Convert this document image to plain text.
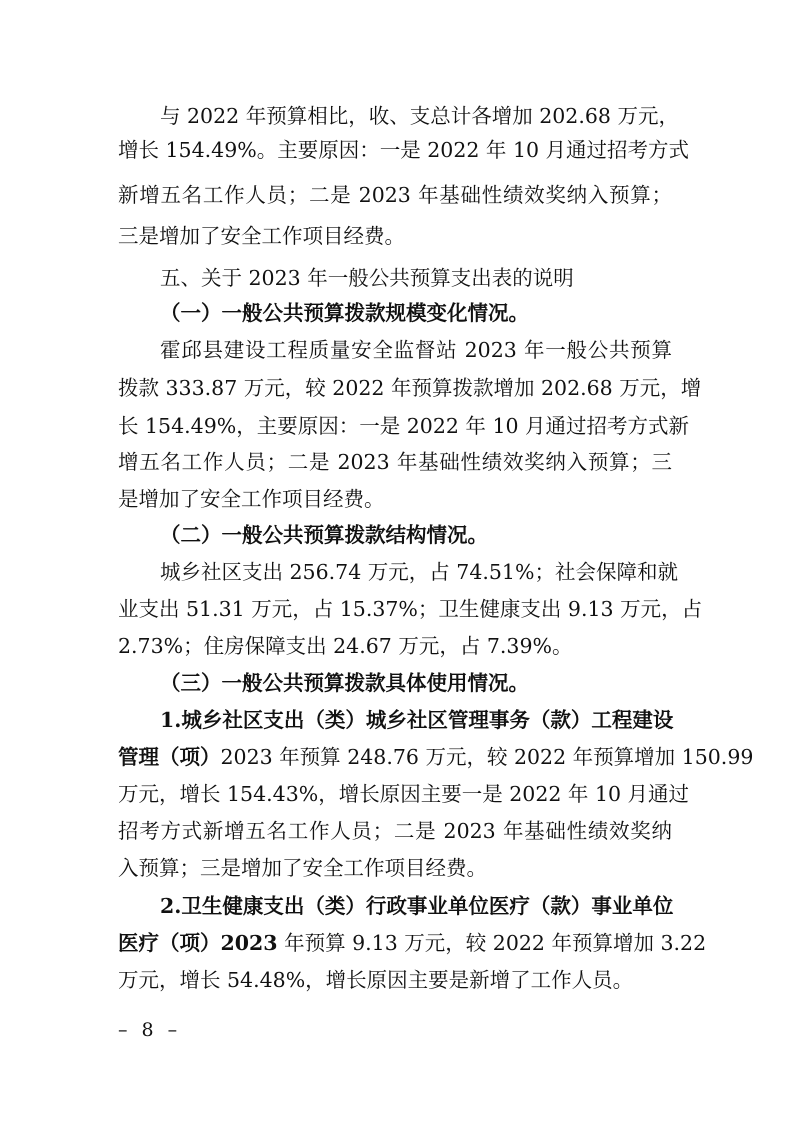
与 2022 年预算相比，收、支总计各增加 202.68 万元，
增长 154.49%。主要原因：一是 2022 年 10 月通过招考方式
新增五名工作人员；二是 2023 年基础性绩效奖纳入预算；
三是增加了安全工作项目经费。
五、关于 2023 年一般公共预算支出表的说明
（一）一般公共预算拨款规模变化情况。
霍邱县建设工程质量安全监督站 2023 年一般公共预算
拨款 333.87 万元，较 2022 年预算拨款增加 202.68 万元，增
长 154.49%，主要原因：一是 2022 年 10 月通过招考方式新
增五名工作人员；二是 2023 年基础性绩效奖纳入预算；三
是增加了安全工作项目经费。
（二）一般公共预算拨款结构情况。
城乡社区支出 256.74 万元，占 74.51%；社会保障和就
业支出 51.31 万元，占 15.37%；卫生健康支出 9.13 万元，占
2.73%；住房保障支出 24.67 万元，占 7.39%。
（三）一般公共预算拨款具体使用情况。
1.城乡社区支出（类）城乡社区管理事务（款）工程建设
管理（项）2023 年预算 248.76 万元，较 2022 年预算增加 150.99
万元，增长 154.43%，增长原因主要一是 2022 年 10 月通过
招考方式新增五名工作人员；二是 2023 年基础性绩效奖纳
入预算；三是增加了安全工作项目经费。
2.卫生健康支出（类）行政事业单位医疗（款）事业单位
医疗（项）2023 年预算 9.13 万元，较 2022 年预算增加 3.22
万元，增长 54.48%，增长原因主要是新增了工作人员。
– 8 –
